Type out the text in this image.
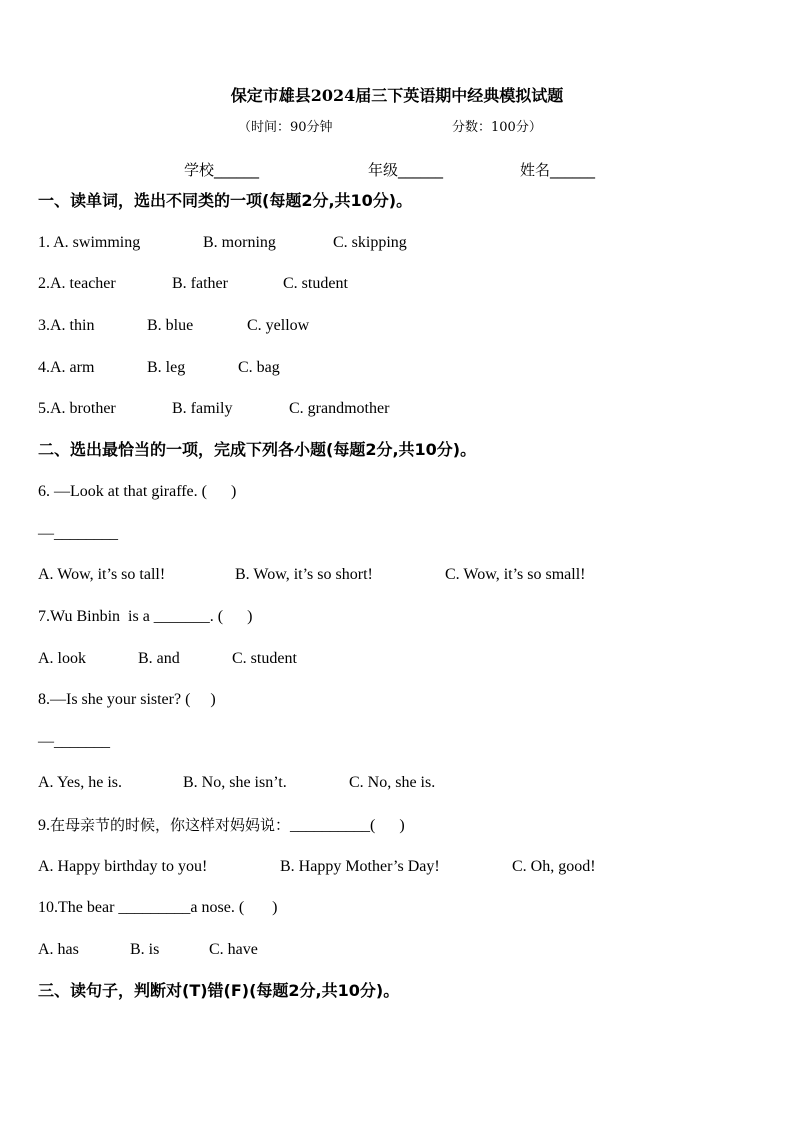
保定市雄县2024届三下英语期中经典模拟试题
（时间：90分钟	分数：100分）
学校______	年级______	姓名______
一、读单词，选出不同类的一项(每题2分,共10分)。
1. A. swimming	B. morning	C. skipping
2.A. teacher	B. father	C. student
3.A. thin	B. blue	C. yellow
4.A. arm	B. leg	C. bag
5.A. brother	B. family	C. grandmother
二、选出最恰当的一项，完成下列各小题(每题2分,共10分)。
6. —Look at that giraffe. (      )
—________
A. Wow, it’s so tall!	B. Wow, it’s so short!	C. Wow, it’s so small!
7.Wu Binbin  is a _______. (      )
A. look	B. and	C. student
8.—Is she your sister? (     )
—_______
A. Yes, he is.	B. No, she isn’t.	C. No, she is.
9.在母亲节的时候，你这样对妈妈说：__________(      )
A. Happy birthday to you!	B. Happy Mother’s Day!	C. Oh, good!
10.The bear _________a nose. (       )
A. has	B. is	C. have
三、读句子，判断对(T)错(F)(每题2分,共10分)。
